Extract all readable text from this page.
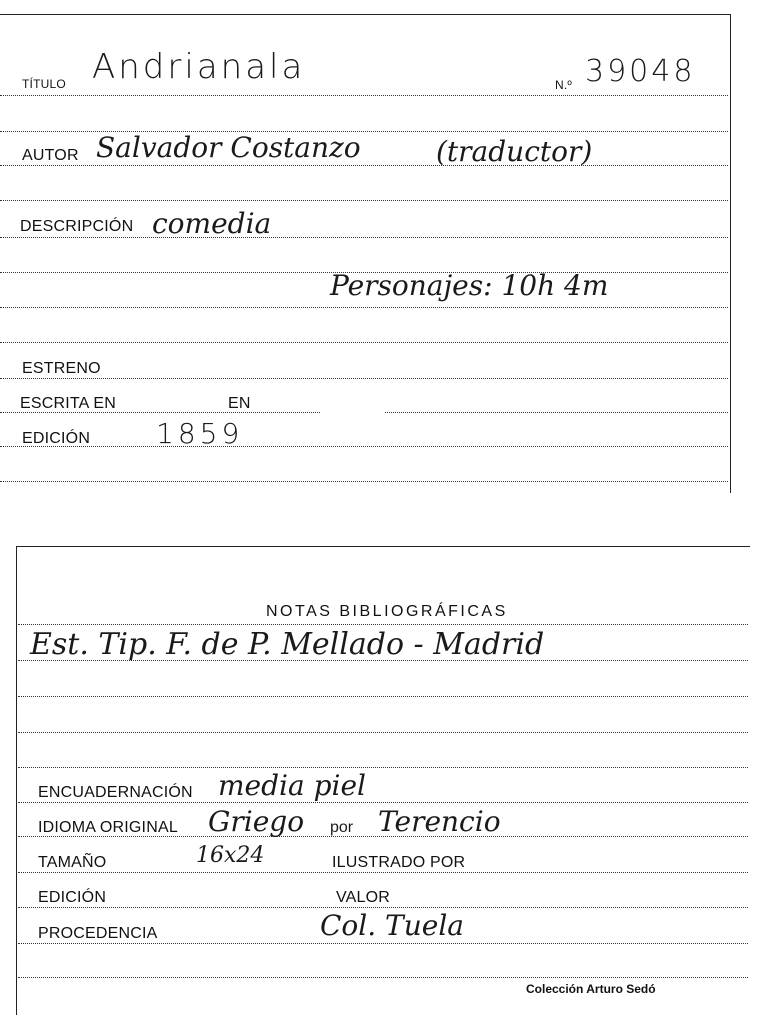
TÍTULO Andrianala	N.º 39048
AUTOR Salvador Costanzo	(traductor)
DESCRIPCIÓN comedia
Personajes: 10h 4m
ESTRENO
ESCRITA EN	EN
EDICIÓN 1859
NOTAS BIBLIOGRÁFICAS
Est. Tip. F. de P. Mellado - Madrid
ENCUADERNACIÓN media piel
IDIOMA ORIGINAL Griego por Terencio
TAMAÑO	16x24	ILUSTRADO POR
EDICIÓN	VALOR
PROCEDENCIA	Col. Tuela
Colección Arturo Sedó
